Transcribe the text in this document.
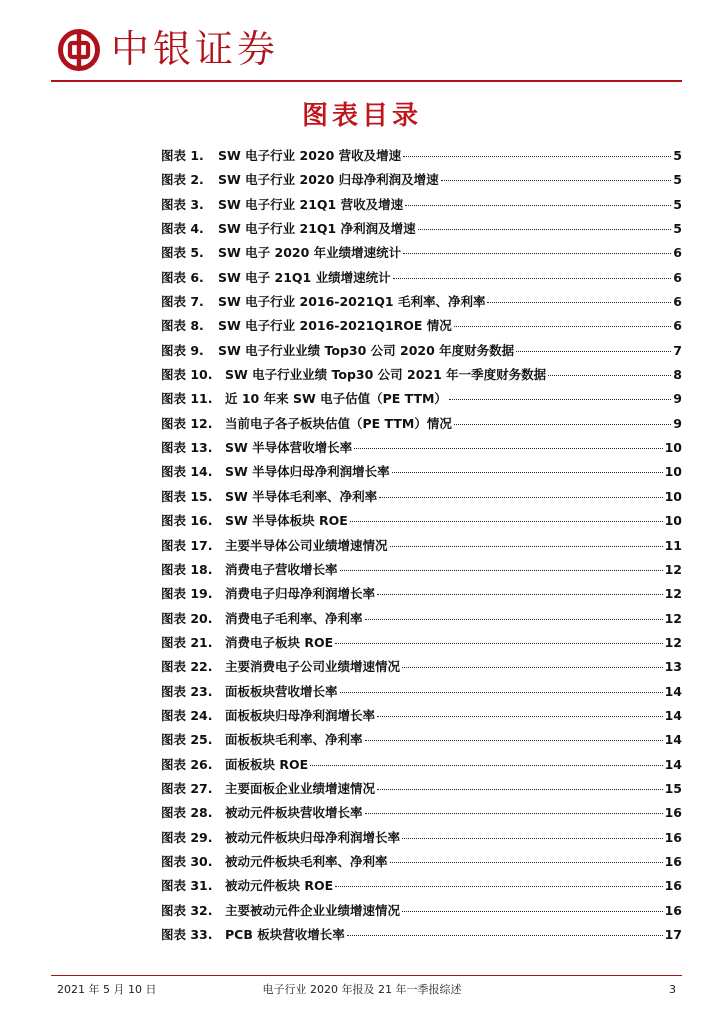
中银证券
图表目录
图表 1.	SW 电子行业 2020 营收及增速	5
图表 2.	SW 电子行业 2020 归母净利润及增速	5
图表 3.	SW 电子行业 21Q1 营收及增速	5
图表 4.	SW 电子行业 21Q1 净利润及增速	5
图表 5.	SW 电子 2020 年业绩增速统计	6
图表 6.	SW 电子 21Q1 业绩增速统计	6
图表 7.	SW 电子行业 2016-2021Q1 毛利率、净利率	6
图表 8.	SW 电子行业 2016-2021Q1ROE 情况	6
图表 9.	SW 电子行业业绩 Top30 公司 2020 年度财务数据	7
图表 10.	SW 电子行业业绩 Top30 公司 2021 年一季度财务数据	8
图表 11.	近 10 年来 SW 电子估值（PE TTM）	9
图表 12.	当前电子各子板块估值（PE TTM）情况	9
图表 13.	SW 半导体营收增长率	10
图表 14.	SW 半导体归母净利润增长率	10
图表 15.	SW 半导体毛利率、净利率	10
图表 16.	SW 半导体板块 ROE	10
图表 17.	主要半导体公司业绩增速情况	11
图表 18.	消费电子营收增长率	12
图表 19.	消费电子归母净利润增长率	12
图表 20.	消费电子毛利率、净利率	12
图表 21.	消费电子板块 ROE	12
图表 22.	主要消费电子公司业绩增速情况	13
图表 23.	面板板块营收增长率	14
图表 24.	面板板块归母净利润增长率	14
图表 25.	面板板块毛利率、净利率	14
图表 26.	面板板块 ROE	14
图表 27.	主要面板企业业绩增速情况	15
图表 28.	被动元件板块营收增长率	16
图表 29.	被动元件板块归母净利润增长率	16
图表 30.	被动元件板块毛利率、净利率	16
图表 31.	被动元件板块 ROE	16
图表 32.	主要被动元件企业业绩增速情况	16
图表 33.	PCB 板块营收增长率	17
2021 年 5 月 10 日	电子行业 2020 年报及 21 年一季报综述	3
